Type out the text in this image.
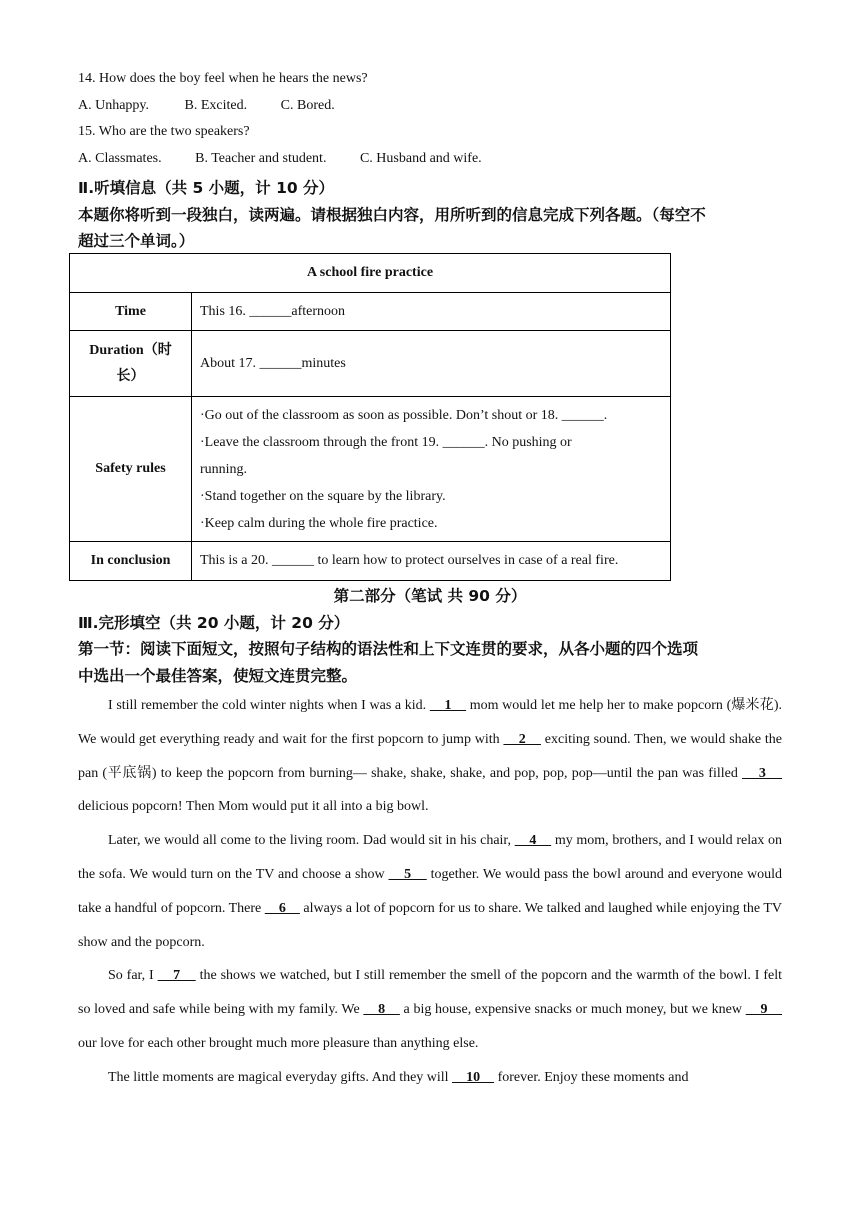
14. How does the boy feel when he hears the news?
A. Unhappy.	B. Excited. C. Bored.
15. Who are the two speakers?
A. Classmates. B. Teacher and student. C. Husband and wife.
Ⅱ.听填信息（共 5 小题，计 10 分）
本题你将听到一段独白，读两遍。请根据独白内容，用所听到的信息完成下列各题。（每空不
超过三个单词。）
A school fire practice	
Time	This 16. ______afternoon

Duration（时
长）	About 17. ______minutes
Safety rules	·Go out of the classroom as soon as possible. Don’t shout or 18. ______.
·Leave the classroom through the front 19. ______. No pushing or
running.
·Stand together on the square by the library.
·Keep calm during the whole fire practice.

In conclusion	This is a 20. ______ to learn how to protect ourselves in case of a real fire.
第二部分（笔试 共 90 分）
Ⅲ.完形填空（共 20 小题，计 20 分）
第一节：阅读下面短文，按照句子结构的语法性和上下文连贯的要求，从各小题的四个选项
中选出一个最佳答案，使短文连贯完整。

I still remember the cold winter nights when I was a kid.     1     mom would let me help her to make popcorn (爆米花). We would get everything ready and wait for the first popcorn to jump with     2     exciting sound. Then, we would shake the pan (平底锅) to keep the popcorn from burning— shake, shake, shake, and pop, pop, pop—until the pan was filled     3     delicious popcorn! Then Mom would put it all into a big bowl.

Later, we would all come to the living room. Dad would sit in his chair,     4     my mom, brothers, and I would relax on the sofa. We would turn on the TV and choose a show     5     together. We would pass the bowl around and everyone would take a handful of popcorn. There     6     always a lot of popcorn for us to share. We talked and laughed while enjoying the TV show and the popcorn.

So far, I     7     the shows we watched, but I still remember the smell of the popcorn and the warmth of the bowl. I felt so loved and safe while being with my family. We     8     a big house, expensive snacks or much money, but we knew     9     our love for each other brought much more pleasure than anything else.

The little moments are magical everyday gifts. And they will     10     forever. Enjoy these moments and
